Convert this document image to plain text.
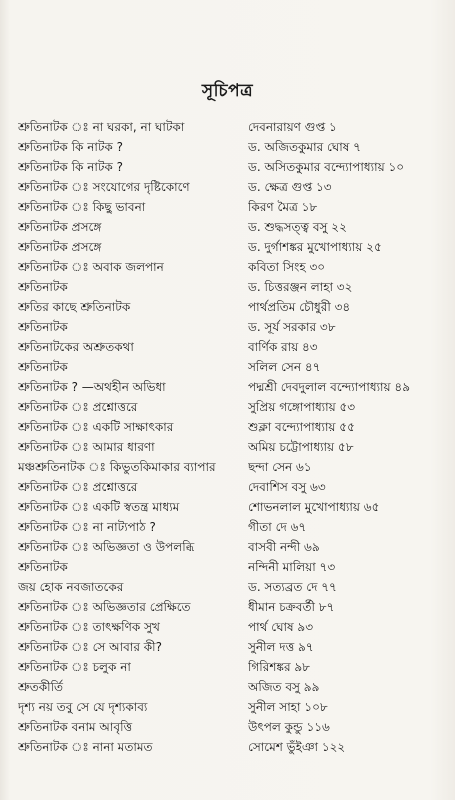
সূচিপত্র
শ্রুতিনাটক ঃ না ঘরকা, না ঘাটকা	দেবনারায়ণ গুপ্ত ১
শ্রুতিনাটক কি নাটক ?	ড. অজিতকুমার ঘোষ ৭
শ্রুতিনাটক কি নাটক ?	ড. অসিতকুমার বন্দ্যোপাধ্যায় ১০
শ্রুতিনাটক ঃ সংযোগের দৃষ্টিকোণে	ড. ক্ষেত্র গুপ্ত ১৩
শ্রুতিনাটক ঃ কিছু ভাবনা	কিরণ মৈত্র ১৮
শ্রুতিনাটক প্রসঙ্গে	ড. শুদ্ধসত্ত্ব বসু ২২
শ্রুতিনাটক প্রসঙ্গে	ড. দুর্গাশঙ্কর মুখোপাধ্যায় ২৫
শ্রুতিনাটক ঃ অবাক জলপান	কবিতা সিংহ ৩০
শ্রুতিনাটক	ড. চিত্তরঞ্জন লাহা ৩২
শ্রুতির কাছে শ্রুতিনাটক	পার্থপ্রতিম চৌধুরী ৩৪
শ্রুতিনাটক	ড. সূর্য সরকার ৩৮
শ্রুতিনাটকের অশ্রুতকথা	বার্ণিক রায় ৪৩
শ্রুতিনাটক	সলিল সেন ৪৭
শ্রুতিনাটক ? —অথহীন অভিধা	পদ্মশ্রী দেবদুলাল বন্দ্যোপাধ্যায় ৪৯
শ্রুতিনাটক ঃ প্রশ্নোত্তরে	সুপ্রিয় গঙ্গোপাধ্যায় ৫৩
শ্রুতিনাটক ঃ একটি সাক্ষাৎকার	শুক্লা বন্দ্যোপাধ্যায় ৫৫
শ্রুতিনাটক ঃ আমার ধারণা	অমিয় চট্টোপাধ্যায় ৫৮
মঞ্চশ্রুতিনাটক ঃ কিভুতকিমাকার ব্যাপার	ছন্দা সেন ৬১
শ্রুতিনাটক ঃ প্রশ্নোত্তরে	দেবাশিস বসু ৬৩
শ্রুতিনাটক ঃ একটি স্বতন্ত্র মাধ্যম	শোভনলাল মুখোপাধ্যায় ৬৫
শ্রুতিনাটক ঃ না নাট্যপাঠ ?	গীতা দে ৬৭
শ্রুতিনাটক ঃ অভিজ্ঞতা ও উপলব্ধি	বাসবী নন্দী ৬৯
শ্রুতিনাটক	নন্দিনী মালিয়া ৭৩
জয় হোক নবজাতকের	ড. সত্যব্রত দে ৭৭
শ্রুতিনাটক ঃ অভিজ্ঞতার প্রেক্ষিতে	ধীমান চক্রবর্তী ৮৭
শ্রুতিনাটক ঃ তাৎক্ষণিক সুখ	পার্থ ঘোষ ৯৩
শ্রুতিনাটক ঃ সে আবার কী?	সুনীল দত্ত ৯৭
শ্রুতিনাটক ঃ চলুক না	গিরিশঙ্কর ৯৮
শ্রুতকীর্তি	অজিত বসু ৯৯
দৃশ্য নয় তবু সে যে দৃশ্যকাব্য	সুনীল সাহা ১০৮
শ্রুতিনাটক বনাম আবৃত্তি	উৎপল কুন্ডু ১১৬
শ্রুতিনাটক ঃ নানা মতামত	সোমেশ ভুঁইঞা ১২২
